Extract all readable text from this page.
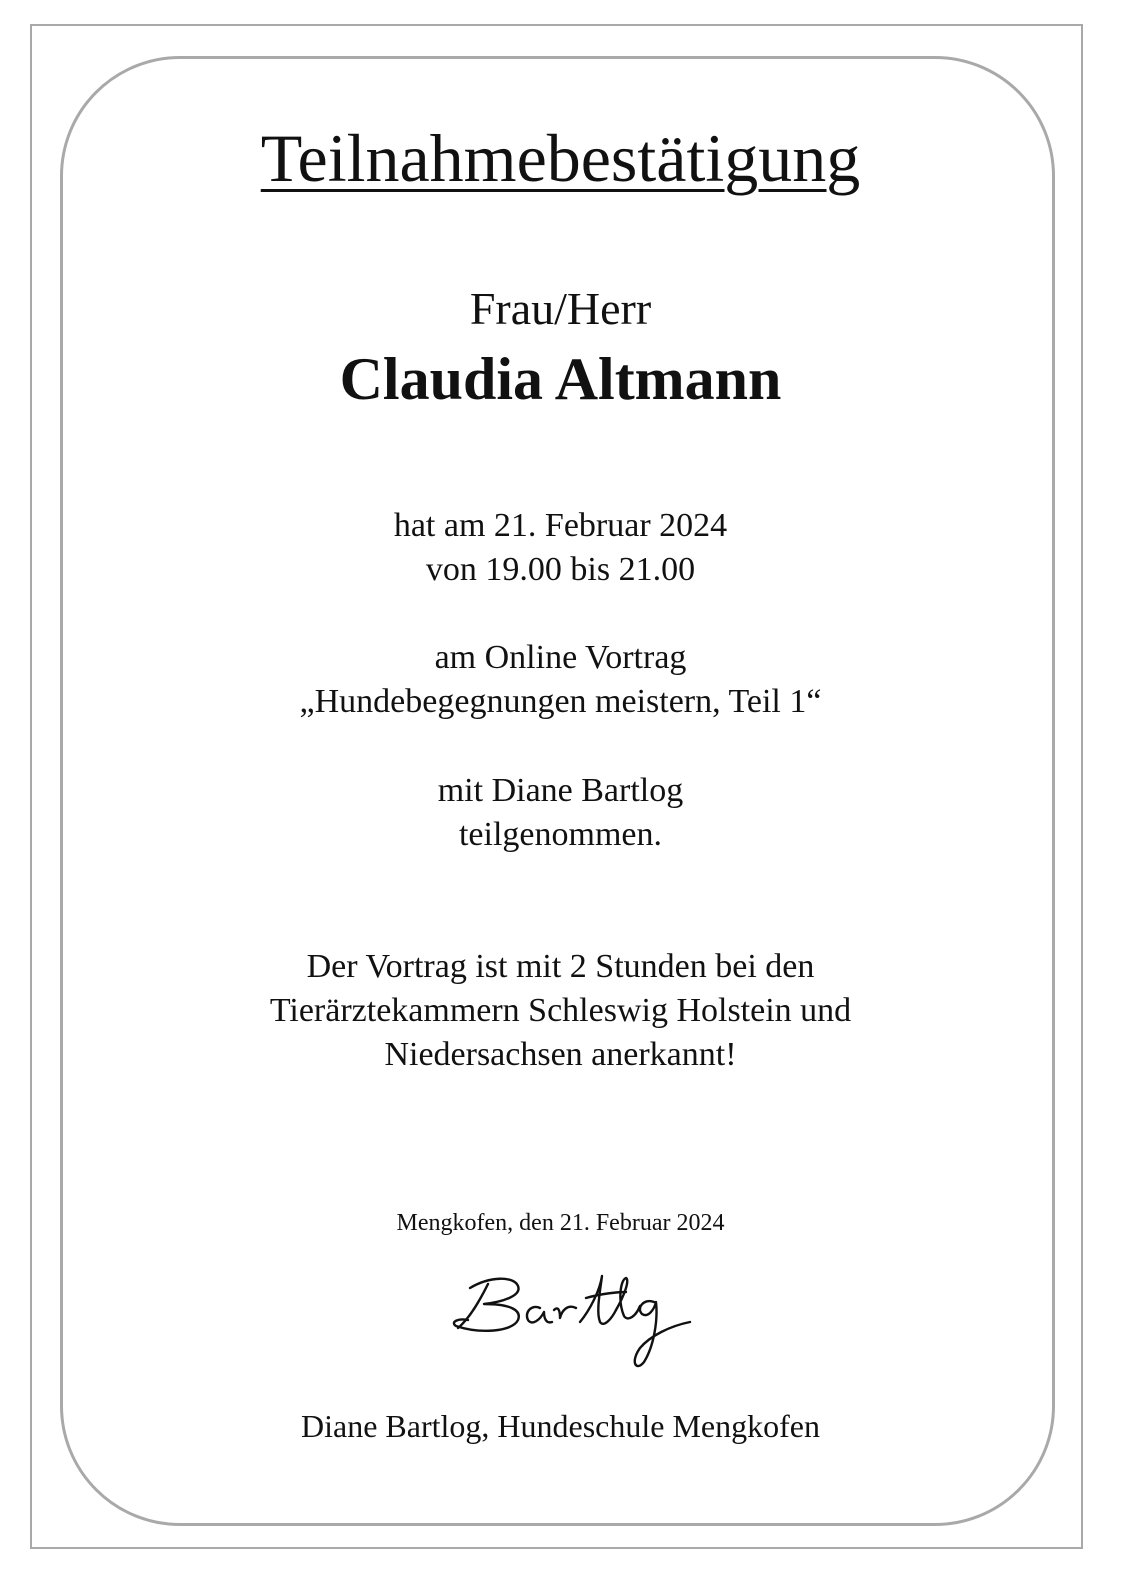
Teilnahmebestätigung
Frau/Herr
Claudia Altmann
hat am 21. Februar 2024
von 19.00 bis 21.00
am Online Vortrag
„Hundebegegnungen meistern, Teil 1“
mit Diane Bartlog
teilgenommen.
Der Vortrag ist mit 2 Stunden bei den
Tierärztekammern Schleswig Holstein und
Niedersachsen anerkannt!
Mengkofen, den 21. Februar 2024
Diane Bartlog, Hundeschule Mengkofen
